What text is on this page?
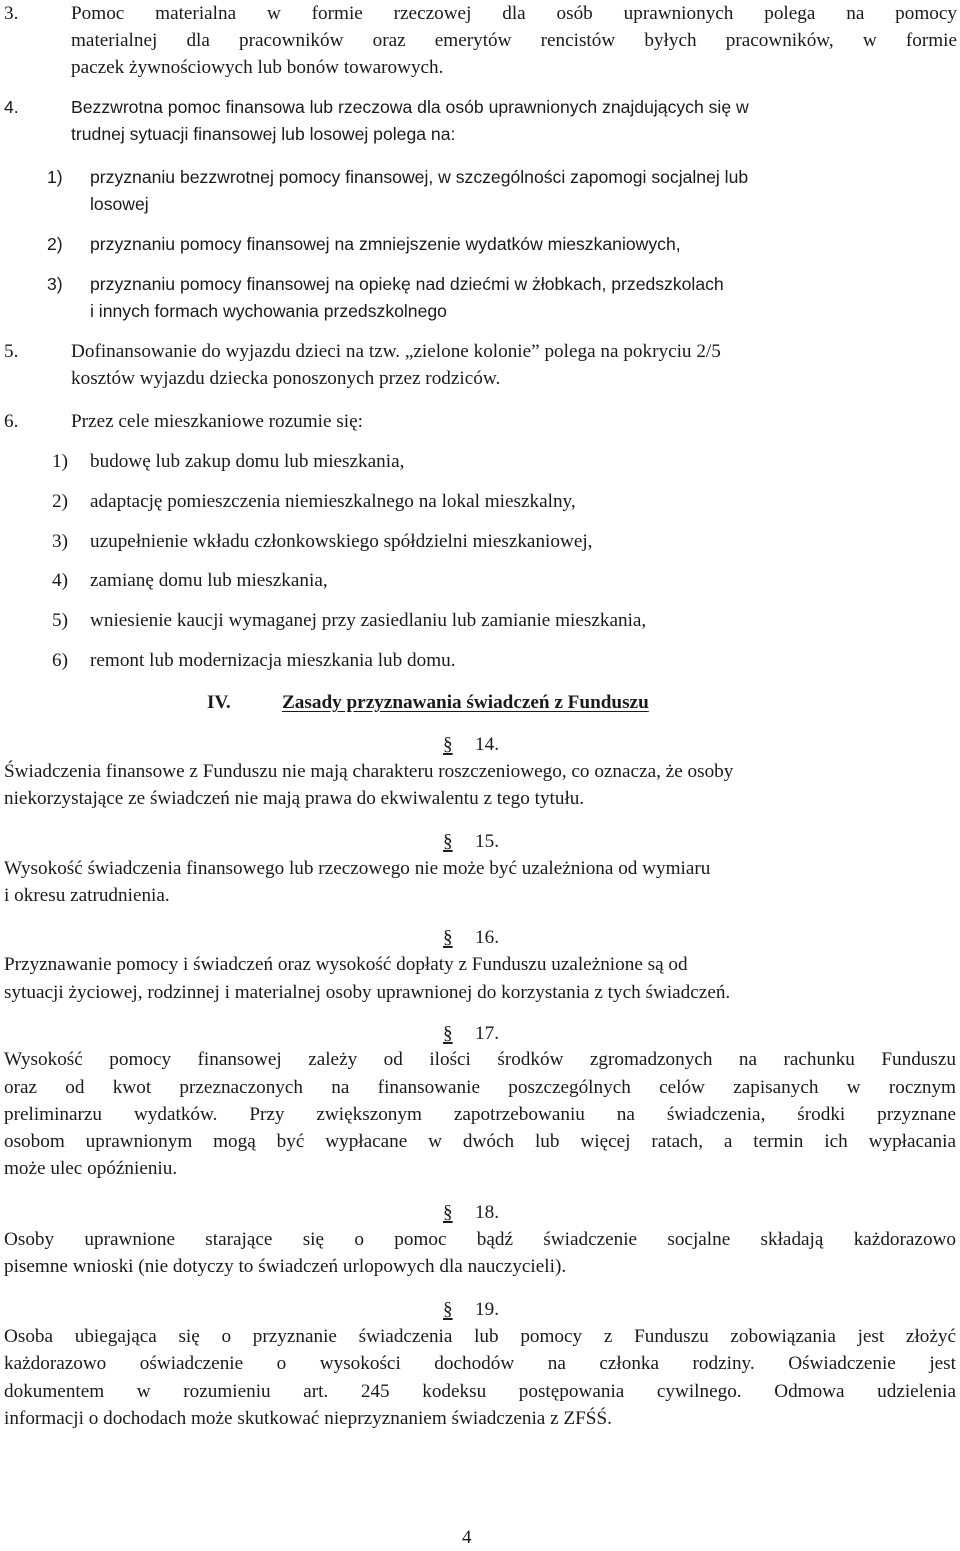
3.	Pomoc materialna w formie rzeczowej dla osób uprawnionych polega na pomocy
materialnej dla pracowników oraz emerytów rencistów byłych pracowników, w formie
paczek żywnościowych lub bonów towarowych.
4.	Bezzwrotna pomoc finansowa lub rzeczowa dla osób uprawnionych znajdujących się w
trudnej sytuacji finansowej lub losowej polega na:
1) przyznaniu bezzwrotnej pomocy finansowej, w szczególności zapomogi socjalnej lub
losowej
2) przyznaniu pomocy finansowej na zmniejszenie wydatków mieszkaniowych,
3) przyznaniu pomocy finansowej na opiekę nad dziećmi w żłobkach, przedszkolach
i innych formach wychowania przedszkolnego
5.	Dofinansowanie do wyjazdu dzieci na tzw. „zielone kolonie” polega na pokryciu 2/5
kosztów wyjazdu dziecka ponoszonych przez rodziców.
6.	Przez cele mieszkaniowe rozumie się:
1) budowę lub zakup domu lub mieszkania,
2) adaptację pomieszczenia niemieszkalnego na lokal mieszkalny,
3) uzupełnienie wkładu członkowskiego spółdzielni mieszkaniowej,
4) zamianę domu lub mieszkania,
5) wniesienie kaucji wymaganej przy zasiedlaniu lub zamianie mieszkania,
6) remont lub modernizacja mieszkania lub domu.
IV.	Zasady przyznawania świadczeń z Funduszu
§ 14.
Świadczenia finansowe z Funduszu nie mają charakteru roszczeniowego, co oznacza, że osoby
niekorzystające ze świadczeń nie mają prawa do ekwiwalentu z tego tytułu.
§ 15.
Wysokość świadczenia finansowego lub rzeczowego nie może być uzależniona od wymiaru
i okresu zatrudnienia.
§ 16.
Przyznawanie pomocy i świadczeń oraz wysokość dopłaty z Funduszu uzależnione są od
sytuacji życiowej, rodzinnej i materialnej osoby uprawnionej do korzystania z tych świadczeń.
§ 17.
Wysokość pomocy finansowej zależy od ilości środków zgromadzonych na rachunku Funduszu
oraz od kwot przeznaczonych na finansowanie poszczególnych celów zapisanych w rocznym
preliminarzu wydatków. Przy zwiększonym zapotrzebowaniu na świadczenia, środki przyznane
osobom uprawnionym mogą być wypłacane w dwóch lub więcej ratach, a termin ich wypłacania
może ulec opóźnieniu.
§ 18.
Osoby uprawnione starające się o pomoc bądź świadczenie socjalne składają każdorazowo
pisemne wnioski (nie dotyczy to świadczeń urlopowych dla nauczycieli).
§ 19.
Osoba ubiegająca się o przyznanie świadczenia lub pomocy z Funduszu zobowiązania jest złożyć
każdorazowo oświadczenie o wysokości dochodów na członka rodziny. Oświadczenie jest
dokumentem w rozumieniu art. 245 kodeksu postępowania cywilnego. Odmowa udzielenia
informacji o dochodach może skutkować nieprzyznaniem świadczenia z ZFŚŚ.
4
